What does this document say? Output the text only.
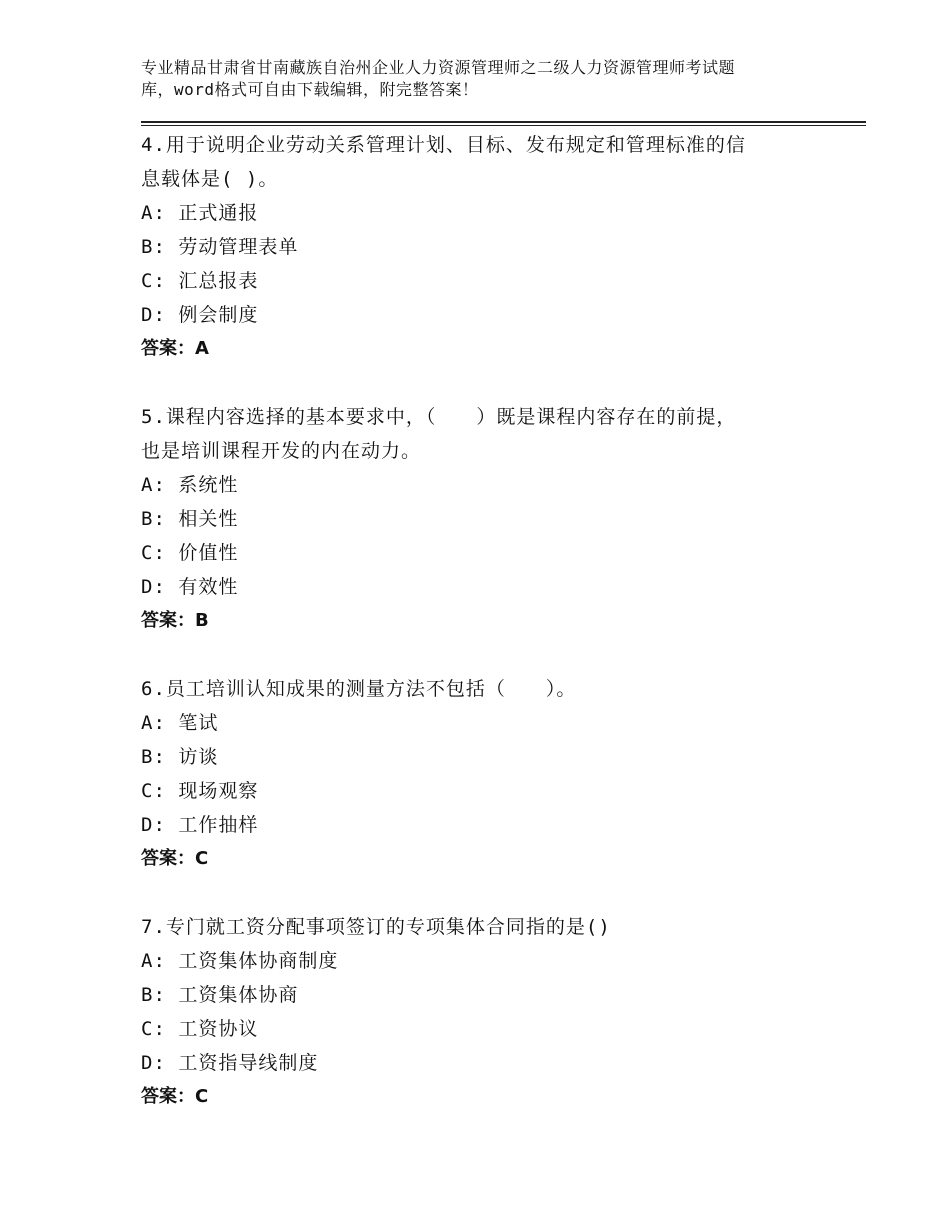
专业精品甘肃省甘南藏族自治州企业人力资源管理师之二级人力资源管理师考试题
库，word格式可自由下载编辑，附完整答案！
4.用于说明企业劳动关系管理计划、目标、发布规定和管理标准的信
息载体是( )。
A: 正式通报
B: 劳动管理表单
C: 汇总报表
D: 例会制度
答案：A
5.课程内容选择的基本要求中，（　　）既是课程内容存在的前提，
也是培训课程开发的内在动力。
A: 系统性
B: 相关性
C: 价值性
D: 有效性
答案：B
6.员工培训认知成果的测量方法不包括（　　）。
A: 笔试
B: 访谈
C: 现场观察
D: 工作抽样
答案：C
7.专门就工资分配事项签订的专项集体合同指的是()
A: 工资集体协商制度
B: 工资集体协商
C: 工资协议
D: 工资指导线制度
答案：C
